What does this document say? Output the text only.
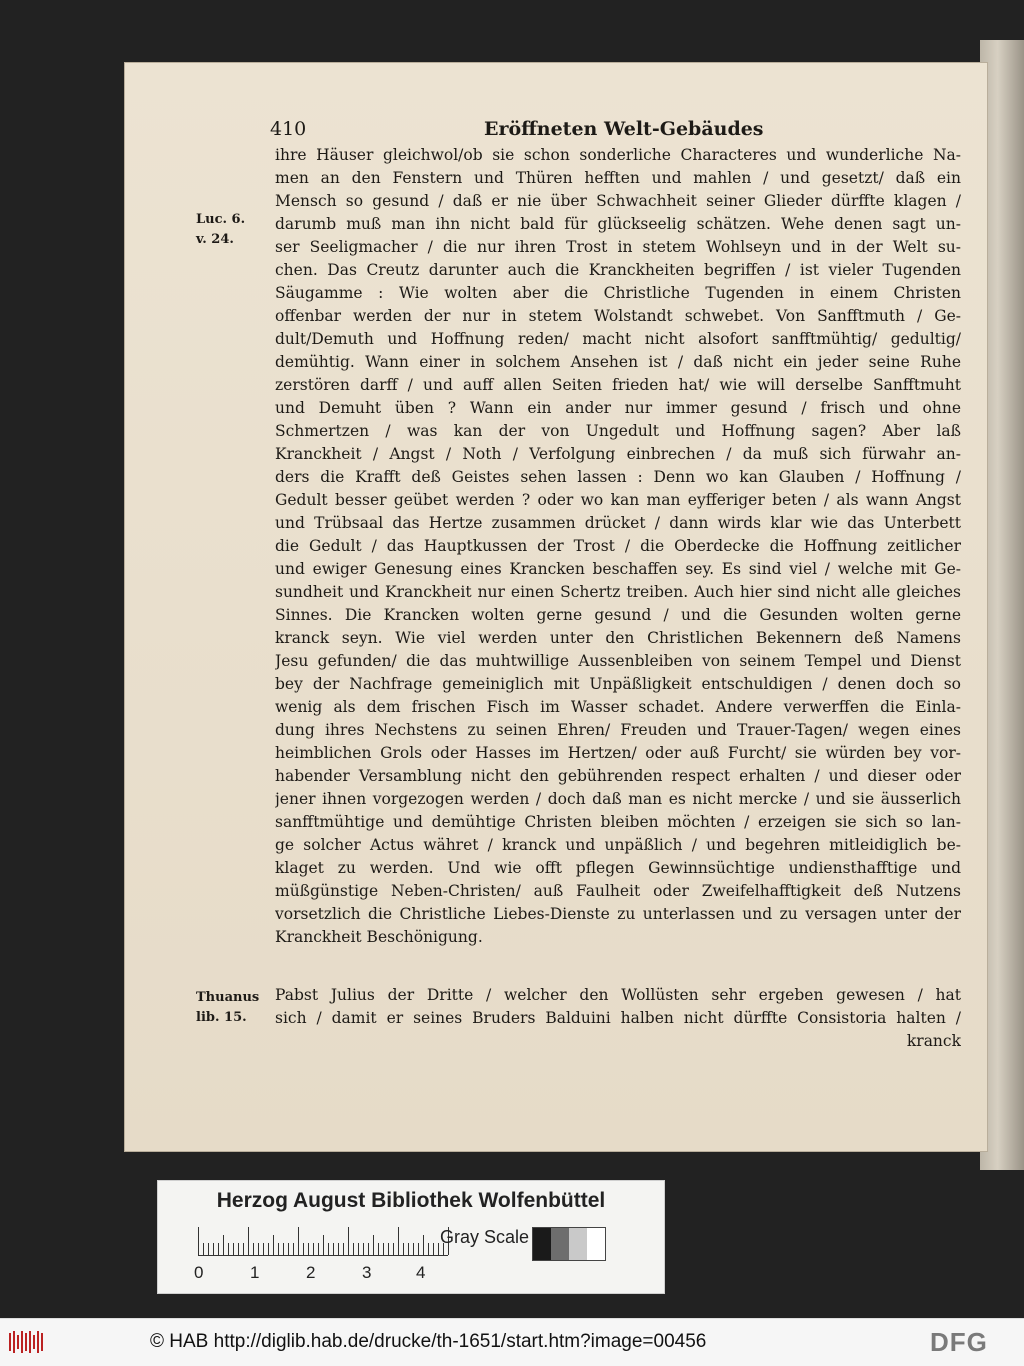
410	Eröffneten Welt-Gebäudes
Luc. 6.
v. 24.
Thuanus
lib. 15.
ihre Häuser gleichwol/ob sie schon sonderliche Characteres und wunderliche Na-
men an den Fenstern und Thüren hefften und mahlen / und gesetzt/ daß ein
Mensch so gesund / daß er nie über Schwachheit seiner Glieder dürffte klagen /
darumb muß man ihn nicht bald für glückseelig schätzen. Wehe denen sagt un-
ser Seeligmacher / die nur ihren Trost in stetem Wohlseyn und in der Welt su-
chen. Das Creutz darunter auch die Kranckheiten begriffen / ist vieler Tugenden
Säugamme : Wie wolten aber die Christliche Tugenden in einem Christen
offenbar werden der nur in stetem Wolstandt schwebet. Von Sanfftmuth / Ge-
dult/Demuth und Hoffnung reden/ macht nicht alsofort sanfftmühtig/ gedultig/
demühtig. Wann einer in solchem Ansehen ist / daß nicht ein jeder seine Ruhe
zerstören darff / und auff allen Seiten frieden hat/ wie will derselbe Sanfftmuht
und Demuht üben ? Wann ein ander nur immer gesund / frisch und ohne
Schmertzen / was kan der von Ungedult und Hoffnung sagen? Aber laß
Kranckheit / Angst / Noth / Verfolgung einbrechen / da muß sich fürwahr an-
ders die Krafft deß Geistes sehen lassen : Denn wo kan Glauben / Hoffnung /
Gedult besser geübet werden ? oder wo kan man eyfferiger beten / als wann Angst
und Trübsaal das Hertze zusammen drücket / dann wirds klar wie das Unterbett
die Gedult / das Hauptkussen der Trost / die Oberdecke die Hoffnung zeitlicher
und ewiger Genesung eines Krancken beschaffen sey. Es sind viel / welche mit Ge-
sundheit und Kranckheit nur einen Schertz treiben. Auch hier sind nicht alle gleiches
Sinnes. Die Krancken wolten gerne gesund / und die Gesunden wolten gerne
kranck seyn. Wie viel werden unter den Christlichen Bekennern deß Namens
Jesu gefunden/ die das muhtwillige Aussenbleiben von seinem Tempel und Dienst
bey der Nachfrage gemeiniglich mit Unpäßligkeit entschuldigen / denen doch so
wenig als dem frischen Fisch im Wasser schadet. Andere verwerffen die Einla-
dung ihres Nechstens zu seinen Ehren/ Freuden und Trauer-Tagen/ wegen eines
heimblichen Grols oder Hasses im Hertzen/ oder auß Furcht/ sie würden bey vor-
habender Versamblung nicht den gebührenden respect erhalten / und dieser oder
jener ihnen vorgezogen werden / doch daß man es nicht mercke / und sie äusserlich
sanfftmühtige und demühtige Christen bleiben möchten / erzeigen sie sich so lan-
ge solcher Actus währet / kranck und unpäßlich / und begehren mitleidiglich be-
klaget zu werden. Und wie offt pflegen Gewinnsüchtige undiensthafftige und
müßgünstige Neben-Christen/ auß Faulheit oder Zweifelhafftigkeit deß Nutzens
vorsetzlich die Christliche Liebes-Dienste zu unterlassen und zu versagen unter der
Kranckheit Beschönigung.
Pabst Julius der Dritte / welcher den Wollüsten sehr ergeben gewesen / hat
sich / damit er seines Bruders Balduini halben nicht dürffte Consistoria halten /
kranck
Herzog August Bibliothek Wolfenbüttel
0	1	2	3	4
Gray Scale
© HAB http://diglib.hab.de/drucke/th-1651/start.htm?image=00456	DFG
